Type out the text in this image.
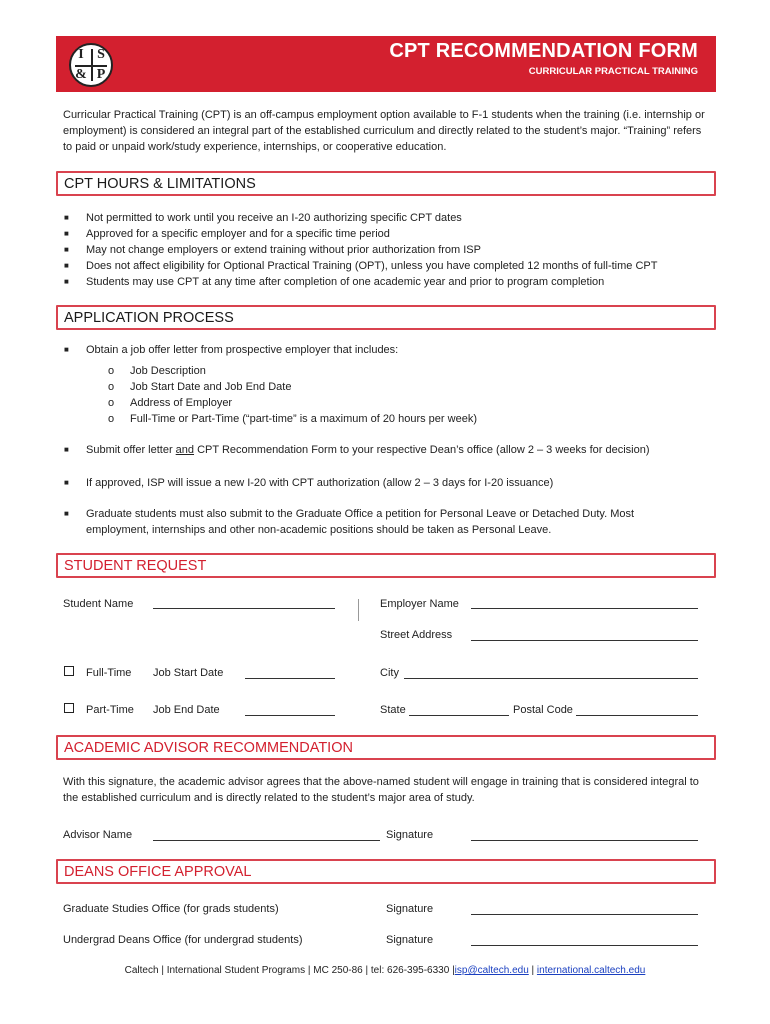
I S
& P
CPT RECOMMENDATION FORM
CURRICULAR PRACTICAL TRAINING
Curricular Practical Training (CPT) is an off-campus employment option available to F-1 students when the training (i.e. internship or employment) is considered an integral part of the established curriculum and directly related to the student’s major. “Training” refers to paid or unpaid work/study experience, internships, or cooperative education.
CPT HOURS & LIMITATIONS
■ Not permitted to work until you receive an I-20 authorizing specific CPT dates
■ Approved for a specific employer and for a specific time period
■ May not change employers or extend training without prior authorization from ISP
■ Does not affect eligibility for Optional Practical Training (OPT), unless you have completed 12 months of full-time CPT
■ Students may use CPT at any time after completion of one academic year and prior to program completion
APPLICATION PROCESS
■ Obtain a job offer letter from prospective employer that includes:
o Job Description
o Job Start Date and Job End Date
o Address of Employer
o Full-Time or Part-Time (“part-time” is a maximum of 20 hours per week)
■ Submit offer letter and CPT Recommendation Form to your respective Dean’s office (allow 2 – 3 weeks for decision)
■ If approved, ISP will issue a new I-20 with CPT authorization (allow 2 – 3 days for I-20 issuance)
■ Graduate students must also submit to the Graduate Office a petition for Personal Leave or Detached Duty. Most employment, internships and other non-academic positions should be taken as Personal Leave.
STUDENT REQUEST
Student Name	Employer Name
Street Address
Full-Time Job Start Date	City
Part-Time Job End Date	State	Postal Code
ACADEMIC ADVISOR RECOMMENDATION
With this signature, the academic advisor agrees that the above-named student will engage in training that is considered integral to the established curriculum and is directly related to the student’s major area of study.
Advisor Name	Signature
DEANS OFFICE APPROVAL
Graduate Studies Office (for grads students)	Signature
Undergrad Deans Office (for undergrad students)	Signature
Caltech | International Student Programs | MC 250-86 | tel: 626-395-6330 |isp@caltech.edu | international.caltech.edu
